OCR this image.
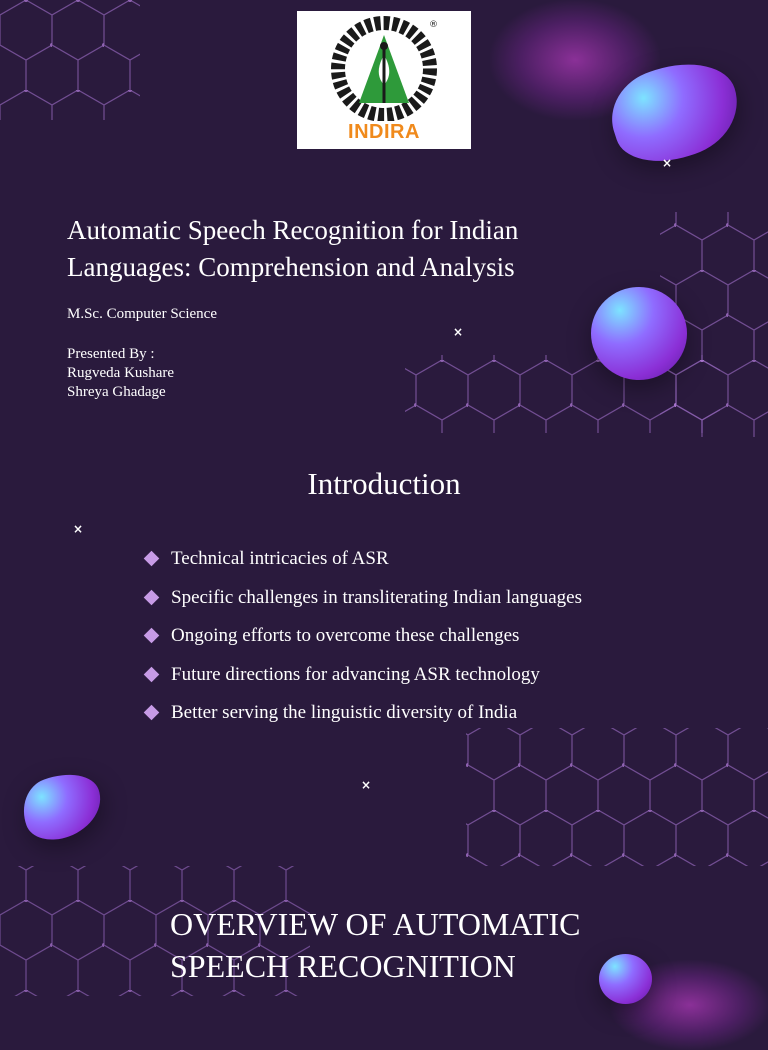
×
×
×
×
®
INDIRA
Automatic Speech Recognition for Indian Languages: Comprehension and Analysis
M.Sc. Computer Science
Presented By :
Rugveda Kushare
Shreya Ghadage
Introduction
Technical intricacies of ASR
Specific challenges in transliterating Indian languages
Ongoing efforts to overcome these challenges
Future directions for advancing ASR technology
Better serving the linguistic diversity of India
OVERVIEW OF AUTOMATIC
SPEECH RECOGNITION
